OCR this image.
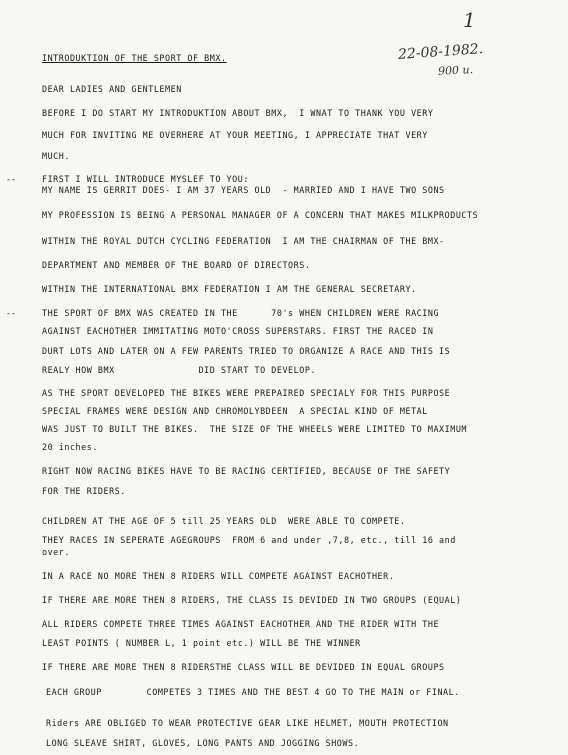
1
22-08-1982.
900 u.
--
--
INTRODUKTION OF THE SPORT OF BMX.
DEAR LADIES AND GENTLEMEN
BEFORE I DO START MY INTRODUKTION ABOUT BMX,  I WNAT TO THANK YOU VERY
MUCH FOR INVITING ME OVERHERE AT YOUR MEETING, I APPRECIATE THAT VERY
MUCH.
FIRST I WILL INTRODUCE MYSLEF TO YOU:
MY NAME IS GERRIT DOES- I AM 37 YEARS OLD  - MARRIED AND I HAVE TWO SONS
MY PROFESSION IS BEING A PERSONAL MANAGER OF A CONCERN THAT MAKES MILKPRODUCTS
WITHIN THE ROYAL DUTCH CYCLING FEDERATION  I AM THE CHAIRMAN OF THE BMX-
DEPARTMENT AND MEMBER OF THE BOARD OF DIRECTORS.
WITHIN THE INTERNATIONAL BMX FEDERATION I AM THE GENERAL SECRETARY.
THE SPORT OF BMX WAS CREATED IN THE      70's WHEN CHILDREN WERE RACING
AGAINST EACHOTHER IMMITATING MOTO'CROSS SUPERSTARS. FIRST THE RACED IN
DURT LOTS AND LATER ON A FEW PARENTS TRIED TO ORGANIZE A RACE AND THIS IS
REALY HOW BMX               DID START TO DEVELOP.
AS THE SPORT DEVELOPED THE BIKES WERE PREPAIRED SPECIALY FOR THIS PURPOSE
SPECIAL FRAMES WERE DESIGN AND CHROMOLYBDEEN  A SPECIAL KIND OF METAL
WAS JUST TO BUILT THE BIKES.  THE SIZE OF THE WHEELS WERE LIMITED TO MAXIMUM
20 inches.
RIGHT NOW RACING BIKES HAVE TO BE RACING CERTIFIED, BECAUSE OF THE SAFETY
FOR THE RIDERS.
CHILDREN AT THE AGE OF 5 till 25 YEARS OLD  WERE ABLE TO COMPETE.
THEY RACES IN SEPERATE AGEGROUPS  FROM 6 and under ,7,8, etc., till 16 and
over.
IN A RACE NO MORE THEN 8 RIDERS WILL COMPETE AGAINST EACHOTHER.
IF THERE ARE MORE THEN 8 RIDERS, THE CLASS IS DEVIDED IN TWO GROUPS (EQUAL)
ALL RIDERS COMPETE THREE TIMES AGAINST EACHOTHER AND THE RIDER WITH THE
LEAST POINTS ( NUMBER L, 1 point etc.) WILL BE THE WINNER
IF THERE ARE MORE THEN 8 RIDERSTHE CLASS WILL BE DEVIDED IN EQUAL GROUPS
EACH GROUP        COMPETES 3 TIMES AND THE BEST 4 GO TO THE MAIN or FINAL.
Riders ARE OBLIGED TO WEAR PROTECTIVE GEAR LIKE HELMET, MOUTH PROTECTION
LONG SLEAVE SHIRT, GLOVES, LONG PANTS AND JOGGING SHOWS.
